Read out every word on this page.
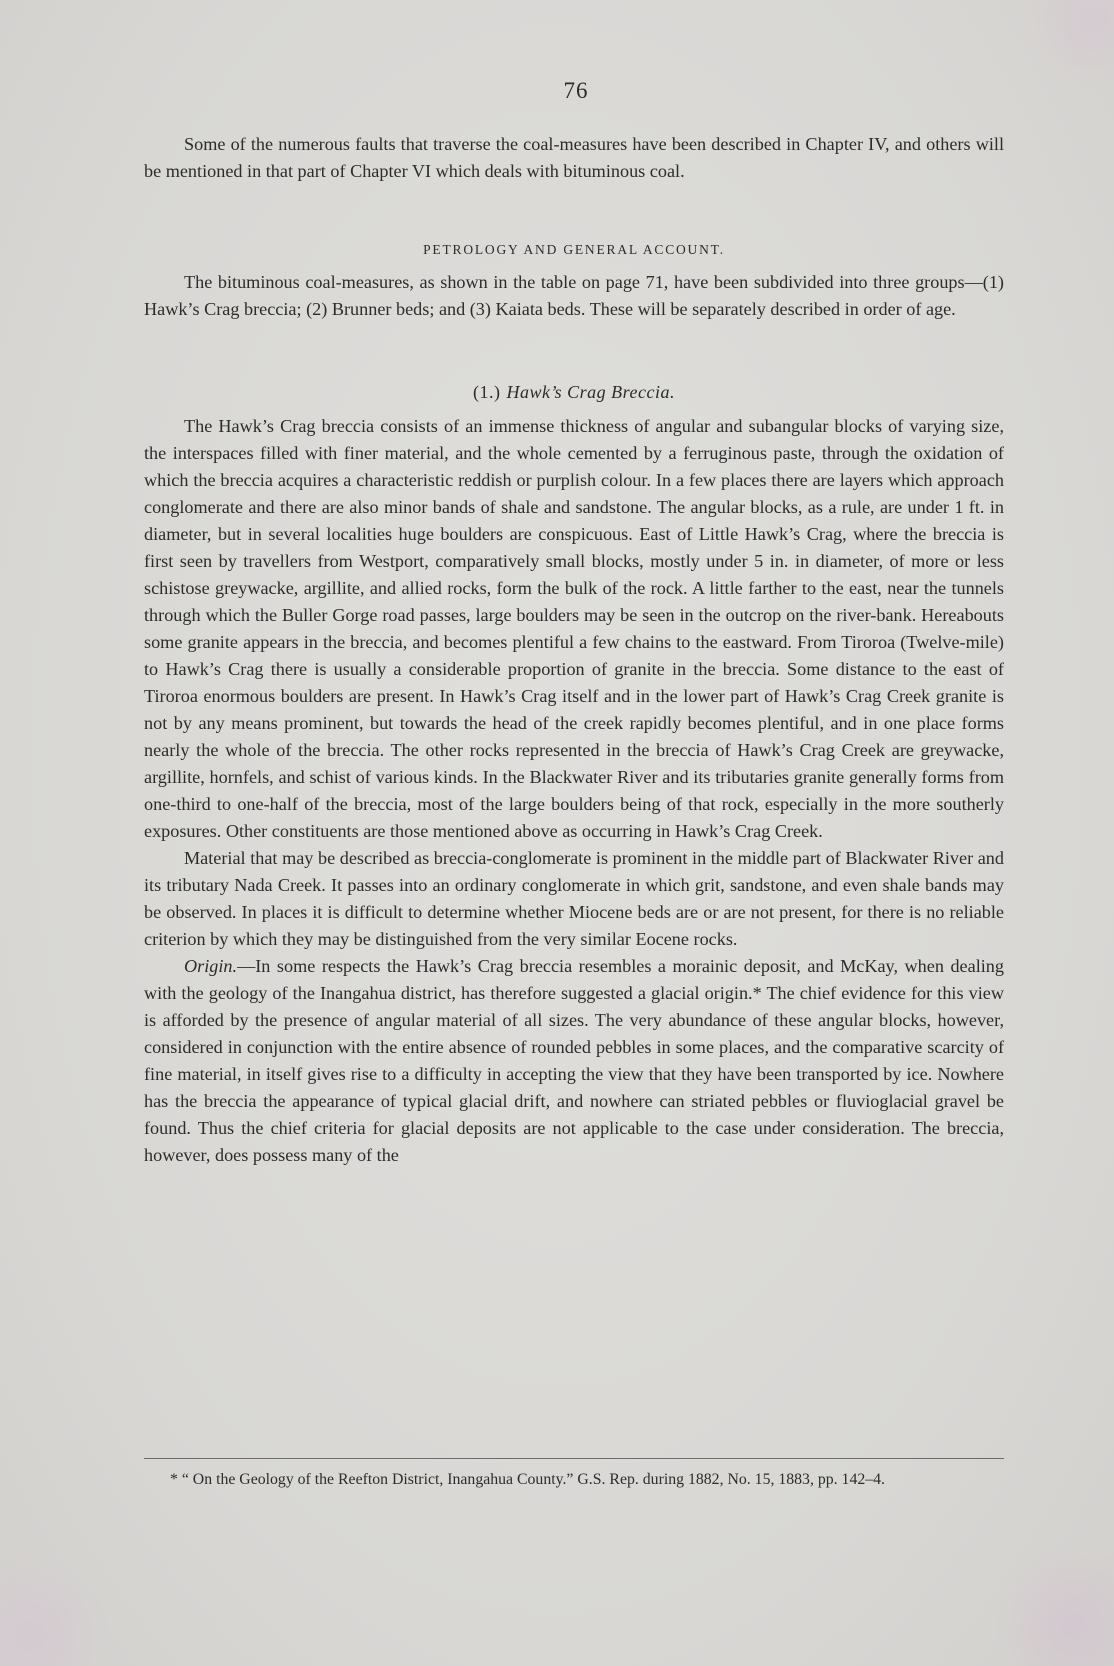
76

Some of the numerous faults that traverse the coal-measures have been described in Chapter IV, and others will be mentioned in that part of Chapter VI which deals with bituminous coal.

PETROLOGY AND GENERAL ACCOUNT.

The bituminous coal-measures, as shown in the table on page 71, have been subdivided into three groups—(1) Hawk’s Crag breccia; (2) Brunner beds; and (3) Kaiata beds. These will be separately described in order of age.

(1.) Hawk’s Crag Breccia.

The Hawk’s Crag breccia consists of an immense thickness of angular and subangular blocks of varying size, the interspaces filled with finer material, and the whole cemented by a ferruginous paste, through the oxidation of which the breccia acquires a characteristic reddish or purplish colour. In a few places there are layers which approach conglomerate and there are also minor bands of shale and sandstone. The angular blocks, as a rule, are under 1 ft. in diameter, but in several localities huge boulders are conspicuous. East of Little Hawk’s Crag, where the breccia is first seen by travellers from Westport, comparatively small blocks, mostly under 5 in. in diameter, of more or less schistose greywacke, argillite, and allied rocks, form the bulk of the rock. A little farther to the east, near the tunnels through which the Buller Gorge road passes, large boulders may be seen in the outcrop on the river-bank. Hereabouts some granite appears in the breccia, and becomes plentiful a few chains to the eastward. From Tiroroa (Twelve-mile) to Hawk’s Crag there is usually a considerable proportion of granite in the breccia. Some distance to the east of Tiroroa enormous boulders are present. In Hawk’s Crag itself and in the lower part of Hawk’s Crag Creek granite is not by any means prominent, but towards the head of the creek rapidly becomes plentiful, and in one place forms nearly the whole of the breccia. The other rocks represented in the breccia of Hawk’s Crag Creek are greywacke, argillite, hornfels, and schist of various kinds. In the Blackwater River and its tributaries granite generally forms from one-third to one-half of the breccia, most of the large boulders being of that rock, especially in the more southerly exposures. Other constituents are those mentioned above as occurring in Hawk’s Crag Creek.

Material that may be described as breccia-conglomerate is prominent in the middle part of Blackwater River and its tributary Nada Creek. It passes into an ordinary conglomerate in which grit, sandstone, and even shale bands may be observed. In places it is difficult to determine whether Miocene beds are or are not present, for there is no reliable criterion by which they may be distinguished from the very similar Eocene rocks.

Origin.—In some respects the Hawk’s Crag breccia resembles a morainic deposit, and McKay, when dealing with the geology of the Inangahua district, has therefore suggested a glacial origin.* The chief evidence for this view is afforded by the presence of angular material of all sizes. The very abundance of these angular blocks, however, considered in conjunction with the entire absence of rounded pebbles in some places, and the comparative scarcity of fine material, in itself gives rise to a difficulty in accepting the view that they have been transported by ice. Nowhere has the breccia the appearance of typical glacial drift, and nowhere can striated pebbles or fluvioglacial gravel be found. Thus the chief criteria for glacial deposits are not applicable to the case under consideration. The breccia, however, does possess many of the

* “ On the Geology of the Reefton District, Inangahua County.” G.S. Rep. during 1882, No. 15, 1883, pp. 142–4.
